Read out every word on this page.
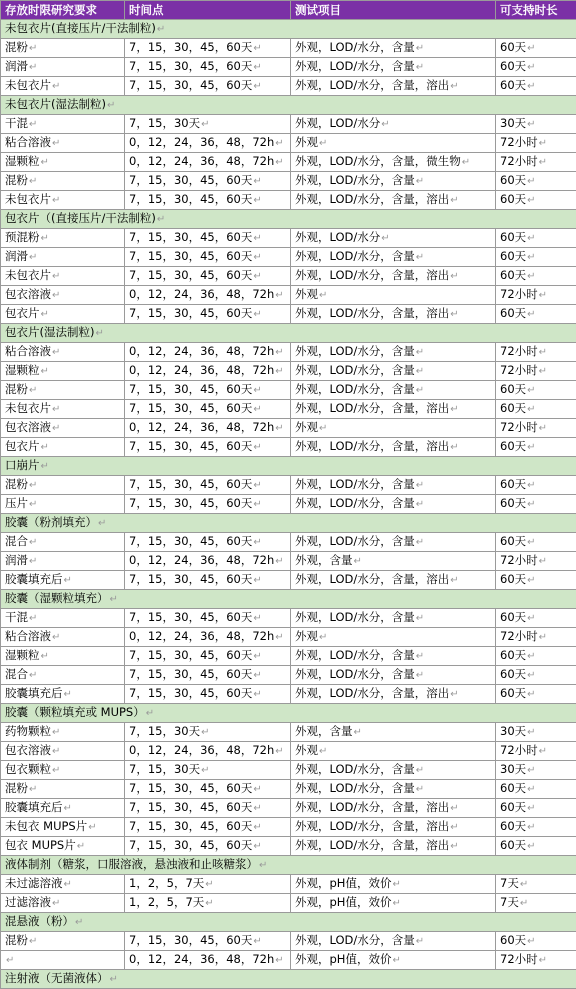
存放时限研究要求	时间点	测试项目	可支持时长
未包衣片(直接压片/干法制粒)↵			
混粉↵	7，15，30，45，60天↵	外观，LOD/水分，含量↵	60天↵
润滑↵	7，15，30，45，60天↵	外观，LOD/水分，含量↵	60天↵
未包衣片↵	7，15，30，45，60天↵	外观，LOD/水分，含量，溶出↵	60天↵
未包衣片(湿法制粒)↵			
干混↵	7，15，30天↵	外观，LOD/水分↵	30天↵
粘合溶液↵	0，12，24，36，48，72h↵	外观↵	72小时↵
湿颗粒↵	0，12，24，36，48，72h↵	外观，LOD/水分，含量，微生物↵	72小时↵
混粉↵	7，15，30，45，60天↵	外观，LOD/水分，含量↵	60天↵
未包衣片↵	7，15，30，45，60天↵	外观，LOD/水分，含量，溶出↵	60天↵
包衣片（(直接压片/干法制粒)↵			
预混粉↵	7，15，30，45，60天↵	外观，LOD/水分↵	60天↵
润滑↵	7，15，30，45，60天↵	外观，LOD/水分，含量↵	60天↵
未包衣片↵	7，15，30，45，60天↵	外观，LOD/水分，含量，溶出↵	60天↵
包衣溶液↵	0，12，24，36，48，72h↵	外观↵	72小时↵
包衣片↵	7，15，30，45，60天↵	外观，LOD/水分，含量，溶出↵	60天↵
包衣片(湿法制粒)↵			
粘合溶液↵	0，12，24，36，48，72h↵	外观，LOD/水分，含量↵	72小时↵
湿颗粒↵	0，12，24，36，48，72h↵	外观，LOD/水分，含量↵	72小时↵
混粉↵	7，15，30，45，60天↵	外观，LOD/水分，含量↵	60天↵
未包衣片↵	7，15，30，45，60天↵	外观，LOD/水分，含量，溶出↵	60天↵
包衣溶液↵	0，12，24，36，48，72h↵	外观↵	72小时↵
包衣片↵	7，15，30，45，60天↵	外观，LOD/水分，含量，溶出↵	60天↵
口崩片↵			
混粉↵	7，15，30，45，60天↵	外观，LOD/水分，含量↵	60天↵
压片↵	7，15，30，45，60天↵	外观，LOD/水分，含量↵	60天↵
胶囊（粉剂填充）↵			
混合↵	7，15，30，45，60天↵	外观，LOD/水分，含量↵	60天↵
润滑↵	0，12，24，36，48，72h↵	外观，含量↵	72小时↵
胶囊填充后↵	7，15，30，45，60天↵	外观，LOD/水分，含量，溶出↵	60天↵
胶囊（湿颗粒填充）↵			
干混↵	7，15，30，45，60天↵	外观，LOD/水分，含量↵	60天↵
粘合溶液↵	0，12，24，36，48，72h↵	外观↵	72小时↵
湿颗粒↵	7，15，30，45，60天↵	外观，LOD/水分，含量↵	60天↵
混合↵	7，15，30，45，60天↵	外观，LOD/水分，含量↵	60天↵
胶囊填充后↵	7，15，30，45，60天↵	外观，LOD/水分，含量，溶出↵	60天↵
胶囊（颗粒填充或 MUPS）↵			
药物颗粒↵	7，15，30天↵	外观，含量↵	30天↵
包衣溶液↵	0，12，24，36，48，72h↵	外观↵	72小时↵
包衣颗粒↵	7，15，30天↵	外观，LOD/水分，含量↵	30天↵
混粉↵	7，15，30，45，60天↵	外观，LOD/水分，含量↵	60天↵
胶囊填充后↵	7，15，30，45，60天↵	外观，LOD/水分，含量，溶出↵	60天↵
未包衣 MUPS片↵	7，15，30，45，60天↵	外观，LOD/水分，含量，溶出↵	60天↵
包衣 MUPS片↵	7，15，30，45，60天↵	外观，LOD/水分，含量，溶出↵	60天↵
液体制剂（糖浆，口服溶液，悬浊液和止咳糖浆）↵			
未过滤溶液↵	1，2，5，7天↵	外观，pH值，效价↵	7天↵
过滤溶液↵	1，2，5，7天↵	外观，pH值，效价↵	7天↵
混悬液（粉）↵			
混粉↵	7，15，30，45，60天↵	外观，LOD/水分，含量↵	60天↵
↵	0，12，24，36，48，72h↵	外观，pH值，效价↵	72小时↵
注射液（无菌液体）↵			
